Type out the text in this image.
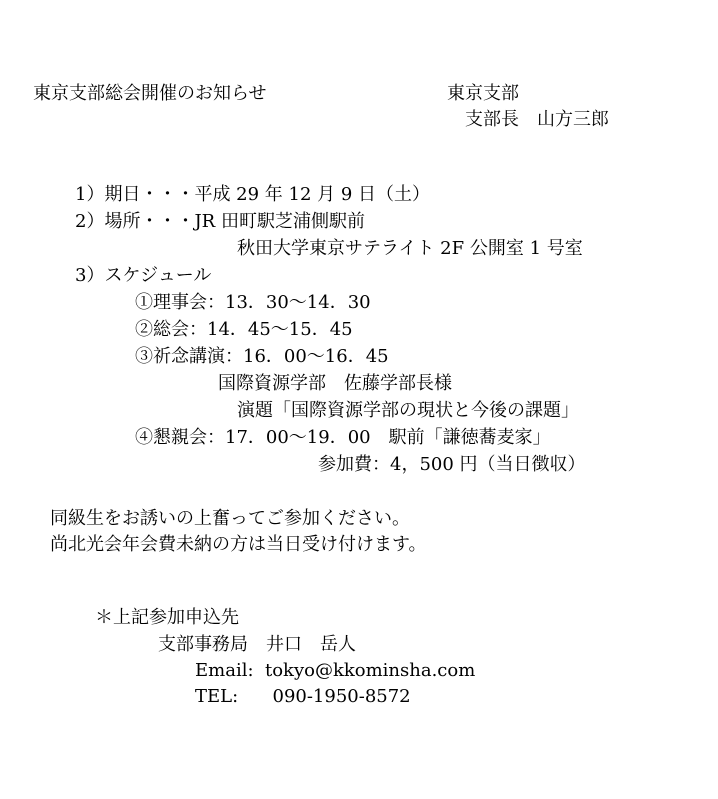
東京支部総会開催のお知らせ	東京支部
支部長　山方三郎
1）期日・・・平成 29 年 12 月 9 日（土）
2）場所・・・JR 田町駅芝浦側駅前
秋田大学東京サテライト 2F 公開室 1 号室
3）スケジュール
①理事会：13．30～14．30
②総会：14．45～15．45
③祈念講演：16．00～16．45
国際資源学部　佐藤学部長様
演題「国際資源学部の現状と今後の課題」
④懇親会：17．00～19．00　駅前「謙徳蕎麦家」
参加費：4，500 円（当日徴収）
同級生をお誘いの上奮ってご参加ください。
尚北光会年会費未納の方は当日受け付けます。
＊上記参加申込先
支部事務局　井口　岳人
Email:  tokyo@kkominsha.com
TEL:      090-1950-8572
